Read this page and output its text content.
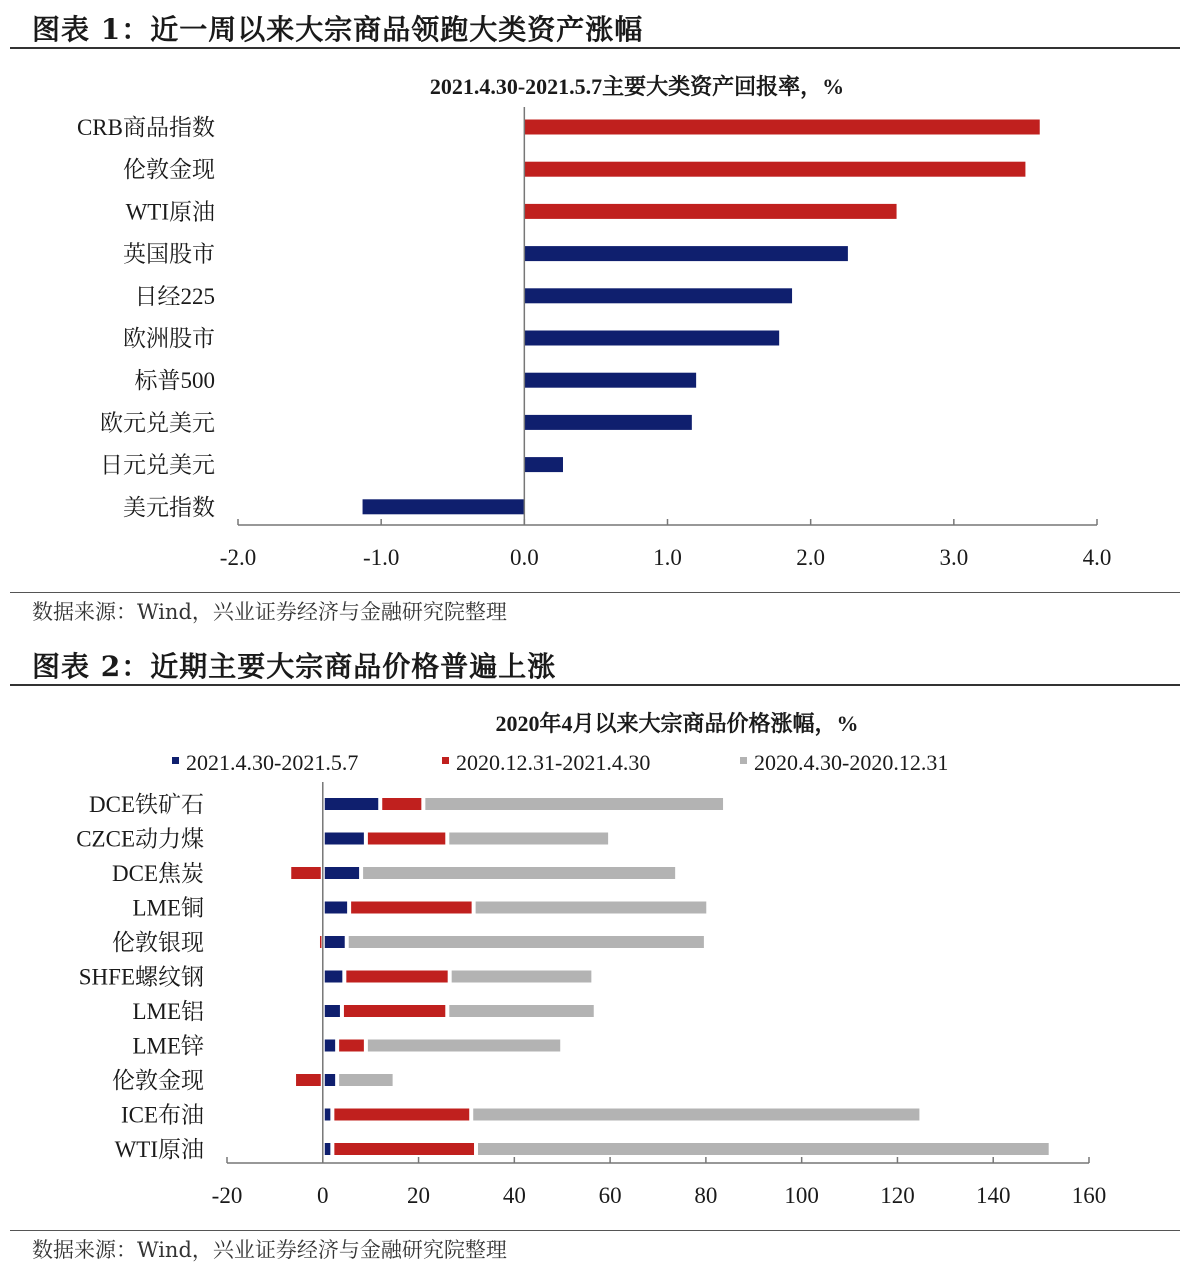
图表 1：近一周以来大宗商品领跑大类资产涨幅
2021.4.30-2021.5.7主要大类资产回报率，%
CRB商品指数
伦敦金现
WTI原油
英国股市
日经225
欧洲股市
标普500
欧元兑美元
日元兑美元
美元指数
-2.0	-1.0	0.0	1.0	2.0	3.0	4.0
数据来源：Wind，兴业证券经济与金融研究院整理
图表 2：近期主要大宗商品价格普遍上涨
2020年4月以来大宗商品价格涨幅，%
2021.4.30-2021.5.7	2020.12.31-2021.4.30	2020.4.30-2020.12.31
DCE铁矿石
CZCE动力煤
DCE焦炭
LME铜
伦敦银现
SHFE螺纹钢
LME铝
LME锌
伦敦金现
ICE布油
WTI原油
-20	0	20	40	60	80	100	120	140	160
数据来源：Wind，兴业证券经济与金融研究院整理
